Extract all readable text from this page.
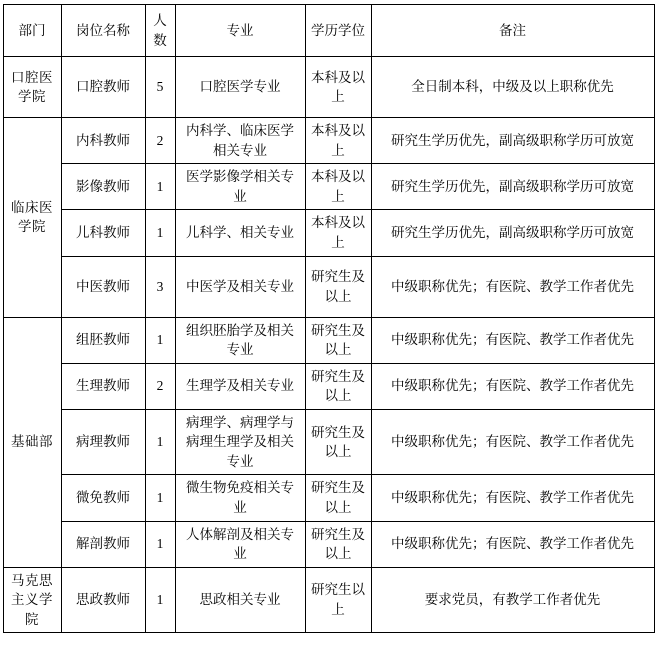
部门	岗位名称	人数	专业	学历学位	备注
口腔医学院	口腔教师	5	口腔医学专业	本科及以上	全日制本科，中级及以上职称优先
临床医学院	内科教师	2	内科学、临床医学相关专业	本科及以上	研究生学历优先，副高级职称学历可放宽
	影像教师	1	医学影像学相关专业	本科及以上	研究生学历优先，副高级职称学历可放宽
	儿科教师	1	儿科学、相关专业	本科及以上	研究生学历优先，副高级职称学历可放宽
	中医教师	3	中医学及相关专业	研究生及以上	中级职称优先；有医院、教学工作者优先
基础部	组胚教师	1	组织胚胎学及相关专业	研究生及以上	中级职称优先；有医院、教学工作者优先
	生理教师	2	生理学及相关专业	研究生及以上	中级职称优先；有医院、教学工作者优先
	病理教师	1	病理学、病理学与病理生理学及相关专业	研究生及以上	中级职称优先；有医院、教学工作者优先
	微免教师	1	微生物免疫相关专业	研究生及以上	中级职称优先；有医院、教学工作者优先
	解剖教师	1	人体解剖及相关专业	研究生及以上	中级职称优先；有医院、教学工作者优先
马克思主义学院	思政教师	1	思政相关专业	研究生以上	要求党员，有教学工作者优先
